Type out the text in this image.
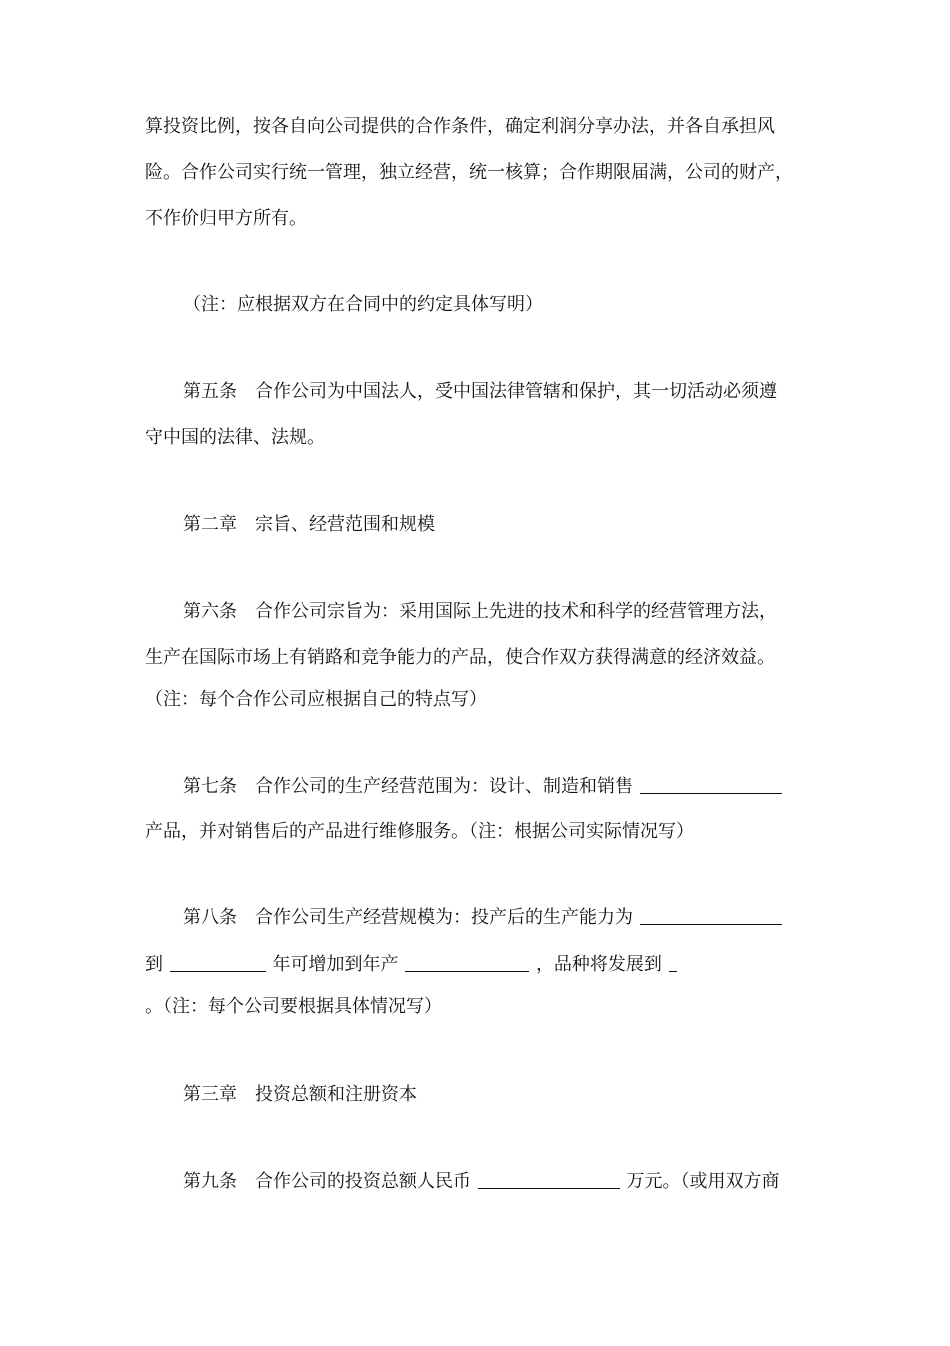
算投资比例，按各自向公司提供的合作条件，确定利润分享办法，并各自承担风
险。合作公司实行统一管理，独立经营，统一核算；合作期限届满，公司的财产，
不作价归甲方所有。
（注：应根据双方在合同中的约定具体写明）
第五条　合作公司为中国法人，受中国法律管辖和保护，其一切活动必须遵
守中国的法律、法规。
第二章　宗旨、经营范围和规模
第六条　合作公司宗旨为：采用国际上先进的技术和科学的经营管理方法，
生产在国际市场上有销路和竞争能力的产品，使合作双方获得满意的经济效益。
（注：每个合作公司应根据自己的特点写）
第七条　合作公司的生产经营范围为：设计、制造和销售
产品，并对销售后的产品进行维修服务。（注：根据公司实际情况写）
第八条　合作公司生产经营规模为：投产后的生产能力为
到	年可增加到年产	，品种将发展到
。（注：每个公司要根据具体情况写）
第三章　投资总额和注册资本
第九条　合作公司的投资总额人民币	万元。（或用双方商
